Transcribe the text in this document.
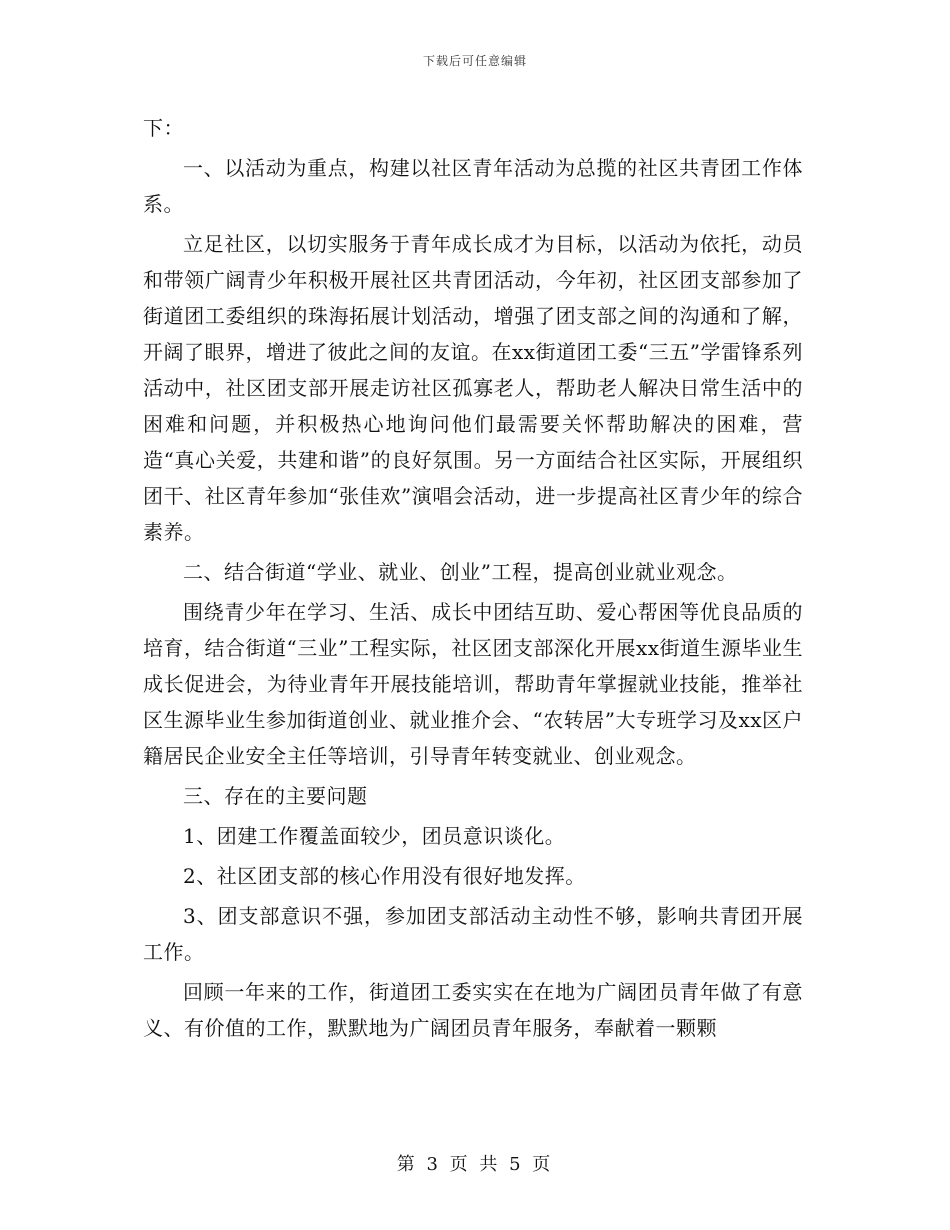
下载后可任意编辑

下：

一、以活动为重点，构建以社区青年活动为总揽的社区共青团工作体系。

立足社区，以切实服务于青年成长成才为目标，以活动为依托，动员和带领广阔青少年积极开展社区共青团活动，今年初，社区团支部参加了街道团工委组织的珠海拓展计划活动，增强了团支部之间的沟通和了解，开阔了眼界，增进了彼此之间的友谊。在xx街道团工委“三五”学雷锋系列活动中，社区团支部开展走访社区孤寡老人，帮助老人解决日常生活中的困难和问题，并积极热心地询问他们最需要关怀帮助解决的困难，营造“真心关爱，共建和谐”的良好氛围。另一方面结合社区实际，开展组织团干、社区青年参加“张佳欢”演唱会活动，进一步提高社区青少年的综合素养。

二、结合街道“学业、就业、创业”工程，提高创业就业观念。

围绕青少年在学习、生活、成长中团结互助、爱心帮困等优良品质的培育，结合街道“三业”工程实际，社区团支部深化开展xx街道生源毕业生成长促进会，为待业青年开展技能培训，帮助青年掌握就业技能，推举社区生源毕业生参加街道创业、就业推介会、“农转居”大专班学习及xx区户籍居民企业安全主任等培训，引导青年转变就业、创业观念。

三、存在的主要问题

1、团建工作覆盖面较少，团员意识谈化。

2、社区团支部的核心作用没有很好地发挥。

3、团支部意识不强，参加团支部活动主动性不够，影响共青团开展工作。

回顾一年来的工作，街道团工委实实在在地为广阔团员青年做了有意义、有价值的工作，默默地为广阔团员青年服务，奉献着一颗颗

第 3 页 共 5 页
